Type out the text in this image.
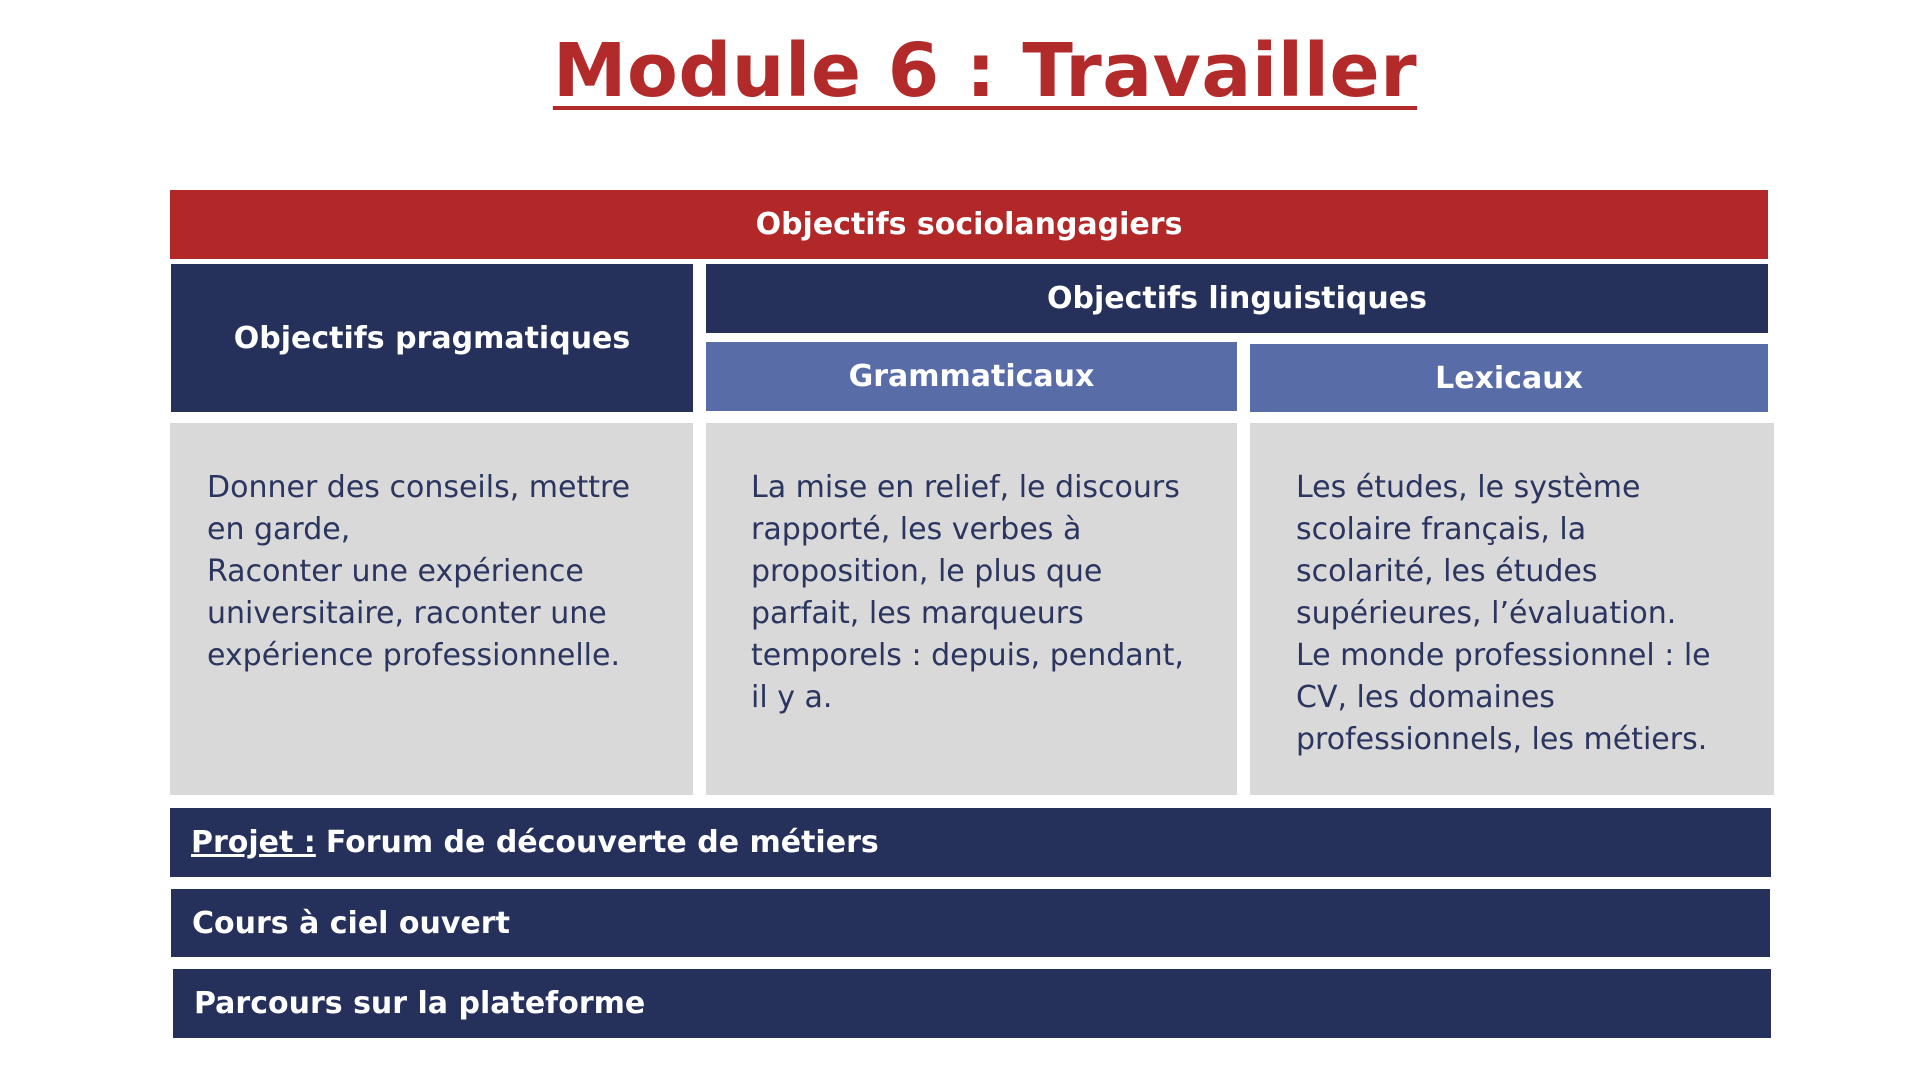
Module 6 : Travailler
Objectifs sociolangagiers
Objectifs pragmatiques
Objectifs linguistiques
Grammaticaux	Lexicaux

Donner des conseils, mettre en garde,

Raconter une expérience universitaire, raconter une expérience professionnelle.

La mise en relief, le discours rapporté, les verbes à proposition, le plus que parfait, les marqueurs temporels : depuis, pendant, il y a.

Les études, le système scolaire français, la scolarité, les études supérieures, l’évaluation.

Le monde professionnel : le CV, les domaines professionnels, les métiers.

Projet : Forum de découverte de métiers
Cours à ciel ouvert
Parcours sur la plateforme
